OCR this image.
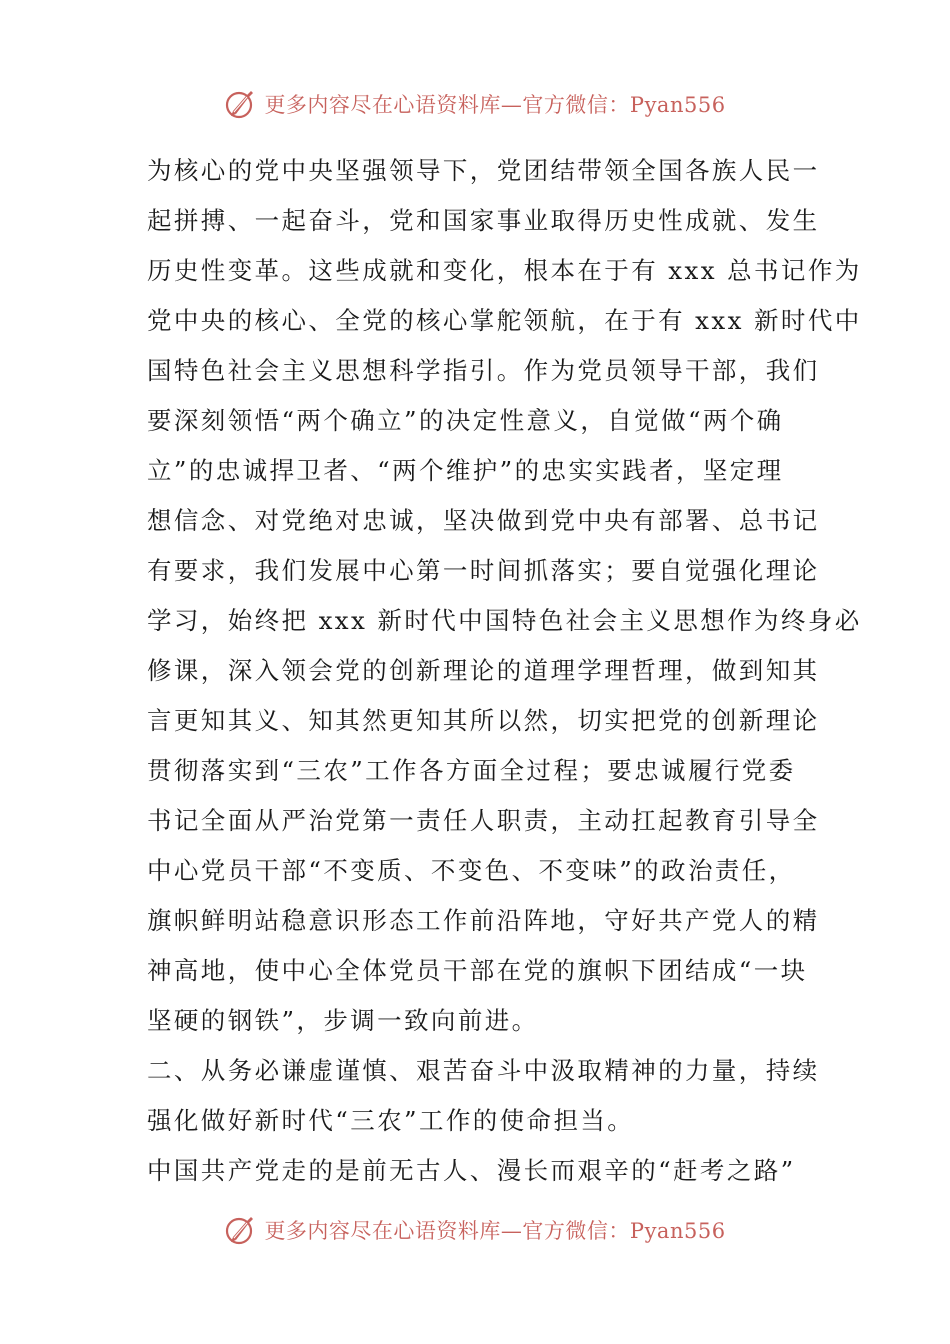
更多内容尽在心语资料库—官方微信：Pyan556
为核心的党中央坚强领导下，党团结带领全国各族人民一
起拼搏、一起奋斗，党和国家事业取得历史性成就、发生
历史性变革。这些成就和变化，根本在于有 xxx 总书记作为
党中央的核心、全党的核心掌舵领航，在于有 xxx 新时代中
国特色社会主义思想科学指引。作为党员领导干部，我们
要深刻领悟“两个确立”的决定性意义，自觉做“两个确
立”的忠诚捍卫者、“两个维护”的忠实实践者，坚定理
想信念、对党绝对忠诚，坚决做到党中央有部署、总书记
有要求，我们发展中心第一时间抓落实；要自觉强化理论
学习，始终把 xxx 新时代中国特色社会主义思想作为终身必
修课，深入领会党的创新理论的道理学理哲理，做到知其
言更知其义、知其然更知其所以然，切实把党的创新理论
贯彻落实到“三农”工作各方面全过程；要忠诚履行党委
书记全面从严治党第一责任人职责，主动扛起教育引导全
中心党员干部“不变质、不变色、不变味”的政治责任，
旗帜鲜明站稳意识形态工作前沿阵地，守好共产党人的精
神高地，使中心全体党员干部在党的旗帜下团结成“一块
坚硬的钢铁”，步调一致向前进。
二、从务必谦虚谨慎、艰苦奋斗中汲取精神的力量，持续
强化做好新时代“三农”工作的使命担当。
中国共产党走的是前无古人、漫长而艰辛的“赶考之路”
更多内容尽在心语资料库—官方微信：Pyan556
